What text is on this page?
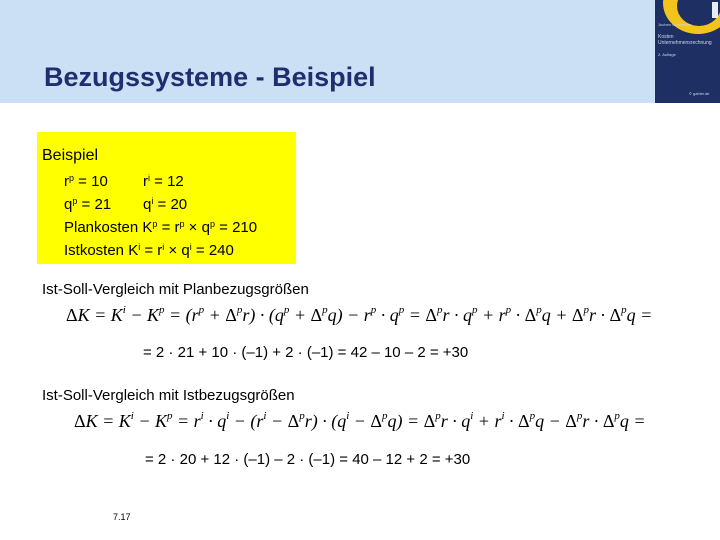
Bezugssysteme - Beispiel
Jochen Schweitzer
Kosten
Unternehmensrechnung
2. Auflage
© gabler.de
Beispiel
$r^p = 10$ $r^i = 12$
$q^p = 21$ $q^i = 20$
Plankosten $K^p = r^p \times q^p = 210$
Istkosten $K^i = r^i \times q^i = 240$
Ist-Soll-Vergleich mit Planbezugsgrößen
$\Delta K = K^i - K^p = (r^p + \Delta^pr) \cdot (q^p + \Delta^pq) - r^p \cdot q^p = \Delta^pr \cdot q^p + r^p \cdot \Delta^pq + \Delta^pr \cdot \Delta^pq$ =
= 2 · 21 + 10 · (–1) + 2 · (–1) = 42 – 10 – 2 = +30
Ist-Soll-Vergleich mit Istbezugsgrößen
$\Delta K = K^i - K^p = r^i \cdot q^i - (r^i - \Delta^pr) \cdot (q^i - \Delta^pq) = \Delta^pr \cdot q^i + r^i \cdot \Delta^pq - \Delta^pr \cdot \Delta^pq$ =
= 2 · 20 + 12 · (–1) – 2 · (–1) = 40 – 12 + 2 = +30
7.17
